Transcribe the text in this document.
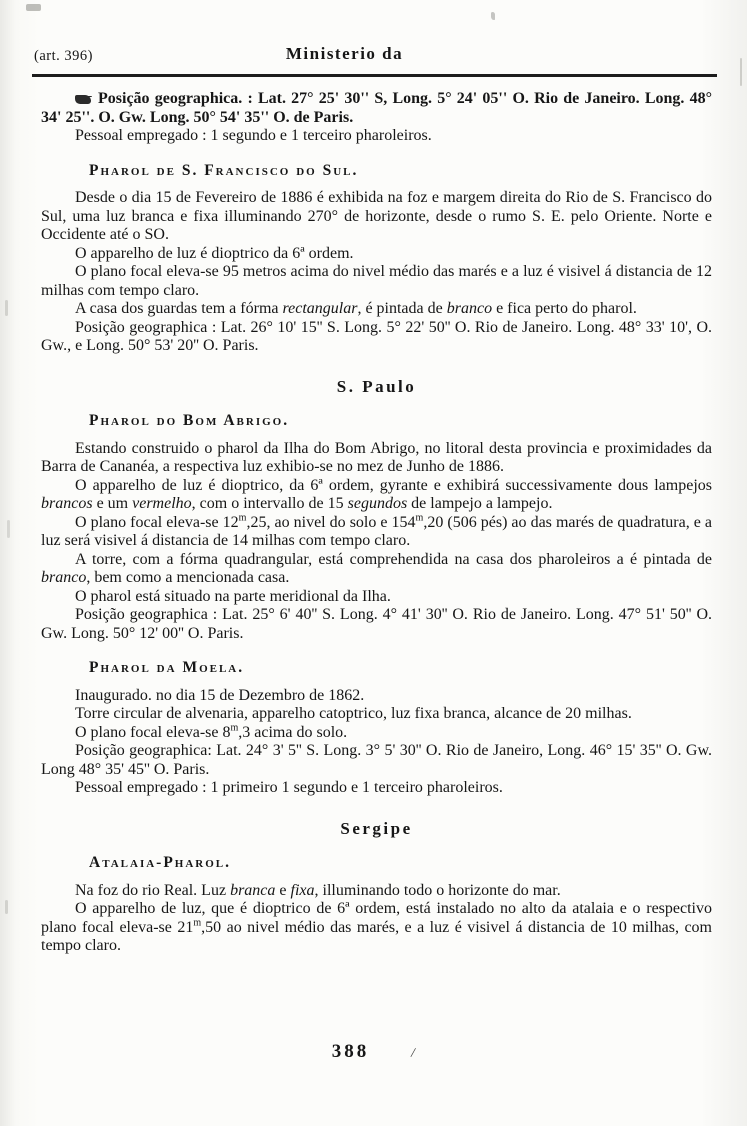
(art. 396)	Ministerio da

Posição geographica. : Lat. 27° 25' 30'' S, Long. 5° 24' 05'' O. Rio de Janeiro. Long. 48° 34' 25''. O. Gw. Long. 50° 54' 35'' O. de Paris.

Pessoal empregado : 1 segundo e 1 terceiro pharoleiros.

Pharol de S. Francisco do Sul.

Desde o dia 15 de Fevereiro de 1886 é exhibida na foz e margem direita do Rio de S. Francisco do Sul, uma luz branca e fixa illuminando 270° de horizonte, desde o rumo S. E. pelo Oriente. Norte e Occidente até o SO.

O apparelho de luz é dioptrico da 6ª ordem.

O plano focal eleva-se 95 metros acima do nivel médio das marés e a luz é visivel á distancia de 12 milhas com tempo claro.

A casa dos guardas tem a fórma rectangular, é pintada de branco e fica perto do pharol.

Posição geographica : Lat. 26° 10' 15'' S. Long. 5° 22' 50'' O. Rio de Janeiro. Long. 48° 33' 10', O. Gw., e Long. 50° 53' 20'' O. Paris.

S. Paulo
Pharol do Bom Abrigo.

Estando construido o pharol da Ilha do Bom Abrigo, no litoral desta provincia e proximidades da Barra de Cananéa, a respectiva luz exhibio-se no mez de Junho de 1886.

O apparelho de luz é dioptrico, da 6ª ordem, gyrante e exhibirá successivamente dous lampejos brancos e um vermelho, com o intervallo de 15 segundos de lampejo a lampejo.

O plano focal eleva-se 12$^m$,25, ao nivel do solo e 154$^m$,20 (506 pés) ao das marés de quadratura, e a luz será visivel á distancia de 14 milhas com tempo claro.

A torre, com a fórma quadrangular, está comprehendida na casa dos pharoleiros a é pintada de branco, bem como a mencionada casa.

O pharol está situado na parte meridional da Ilha.

Posição geographica : Lat. 25° 6' 40'' S. Long. 4° 41' 30'' O. Rio de Janeiro. Long. 47° 51' 50'' O. Gw. Long. 50° 12' 00'' O. Paris.

Pharol da Moela.

Inaugurado. no dia 15 de Dezembro de 1862.

Torre circular de alvenaria, apparelho catoptrico, luz fixa branca, alcance de 20 milhas.

O plano focal eleva-se 8$^m$,3 acima do solo.

Posição geographica: Lat. 24° 3' 5'' S. Long. 3° 5' 30'' O. Rio de Janeiro, Long. 46° 15' 35'' O. Gw. Long 48° 35' 45'' O. Paris.

Pessoal empregado : 1 primeiro 1 segundo e 1 terceiro pharoleiros.

Sergipe
Atalaia-Pharol.

Na foz do rio Real. Luz branca e fixa, illuminando todo o horizonte do mar.

O apparelho de luz, que é dioptrico de 6ª ordem, está instalado no alto da atalaia e o respectivo plano focal eleva-se 21$^m$,50 ao nivel médio das marés, e a luz é visivel á distancia de 10 milhas, com tempo claro.

388	/
